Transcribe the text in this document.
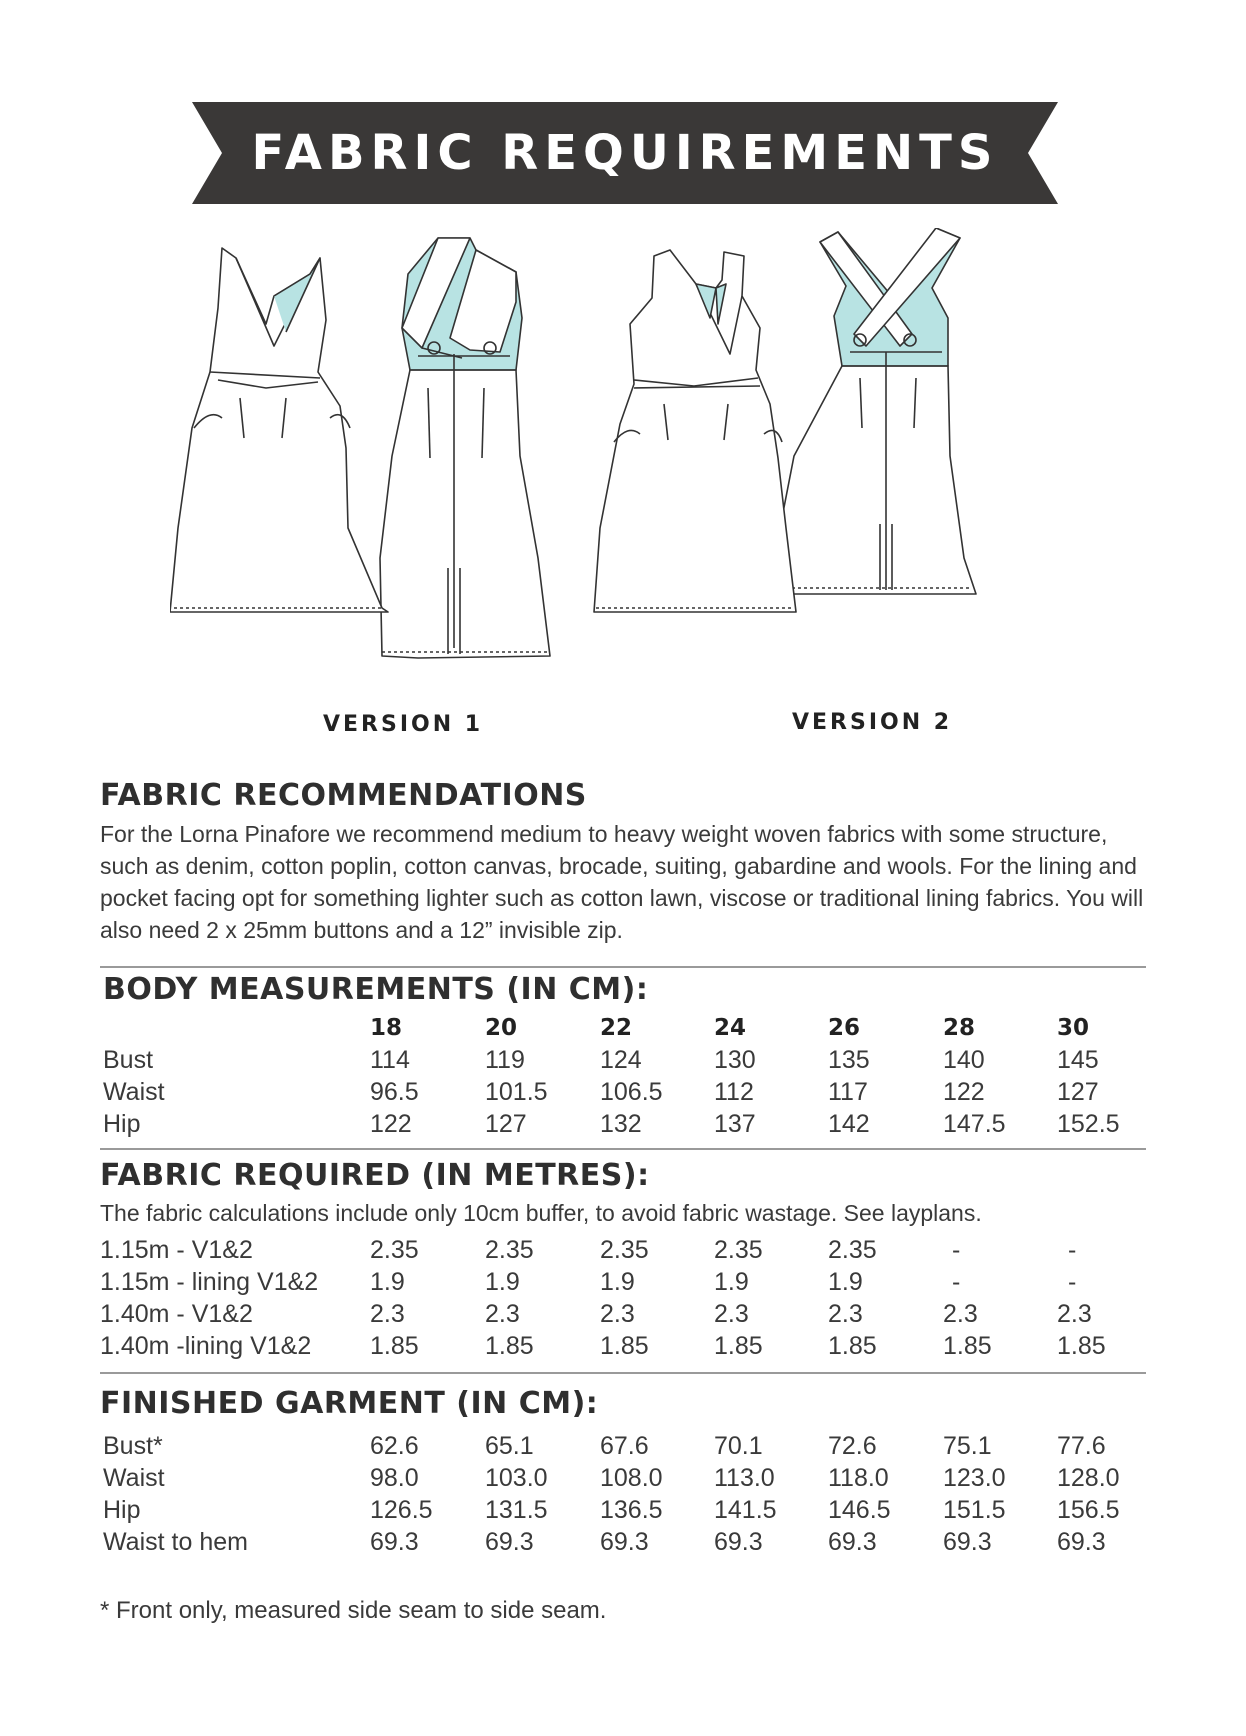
FABRIC REQUIREMENTS
VERSION 1	VERSION 2
FABRIC RECOMMENDATIONS
For the Lorna Pinafore we recommend medium to heavy weight woven fabrics with some structure,
such as denim, cotton poplin, cotton canvas, brocade, suiting, gabardine and wools. For the lining and
pocket facing opt for something lighter such as cotton lawn, viscose or traditional lining fabrics. You will
also need 2 x 25mm buttons and a 12” invisible zip.
BODY MEASUREMENTS (IN CM):
18	20	22	24	26	28	30
Bust	114	119	124	130	135	140	145
Waist	96.5	101.5 106.5 112	117	122	127
Hip	122	127	132	137	142	147.5 152.5
FABRIC REQUIRED (IN METRES):
The fabric calculations include only 10cm buffer, to avoid fabric wastage. See layplans.
1.15m - V1&2	2.35	2.35	2.35	2.35	2.35	-	-
1.15m - lining V1&2 1.9	1.9	1.9	1.9	1.9	-	-
1.40m - V1&2	2.3	2.3	2.3	2.3	2.3	2.3	2.3
1.40m -lining V1&2 1.85	1.85	1.85	1.85	1.85	1.85	1.85
FINISHED GARMENT (IN CM):
Bust*	62.6	65.1	67.6	70.1	72.6	75.1	77.6
Waist	98.0	103.0 108.0 113.0 118.0 123.0 128.0
Hip	126.5 131.5 136.5 141.5 146.5 151.5 156.5
Waist to hem	69.3	69.3	69.3	69.3	69.3	69.3	69.3
* Front only, measured side seam to side seam.
